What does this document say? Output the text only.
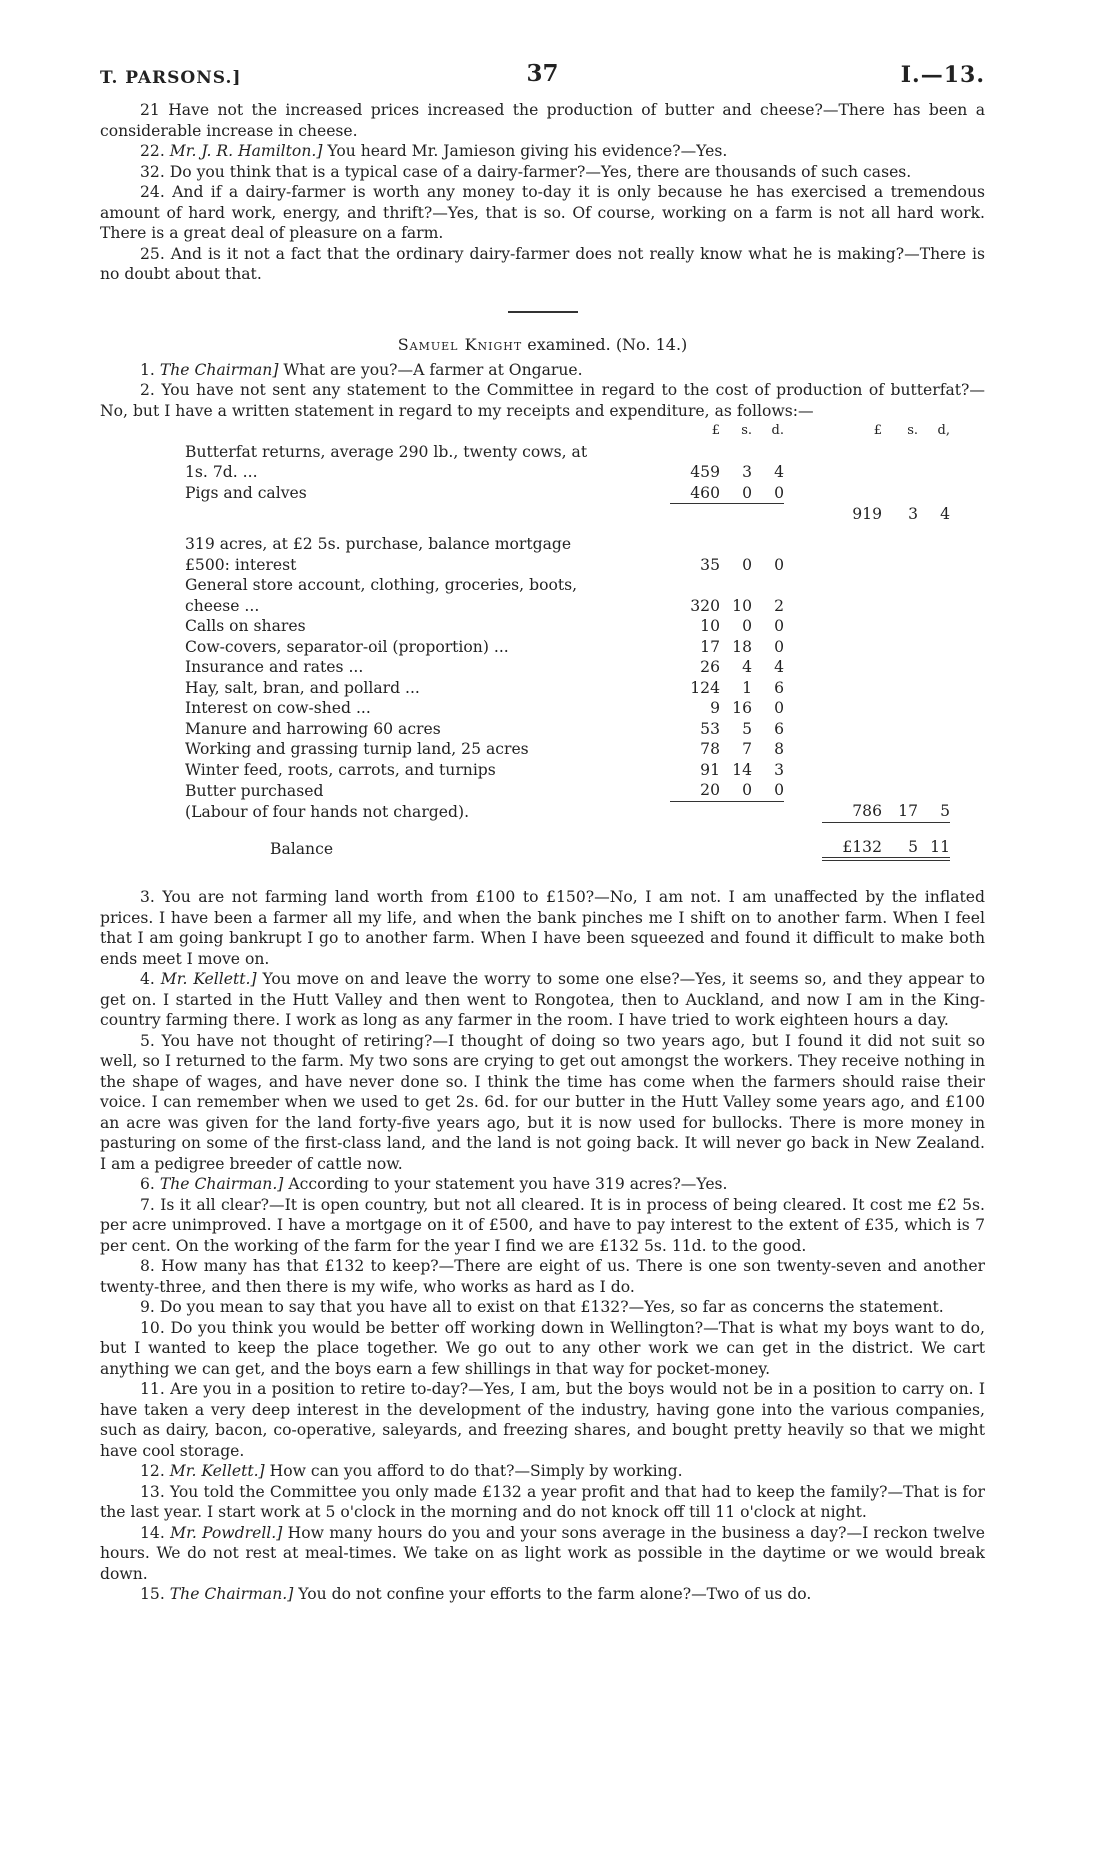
T. PARSONS.]	37	I.—13.

21 Have not the increased prices increased the production of butter and cheese?—There has been a considerable increase in cheese.

22. Mr. J. R. Hamilton.] You heard Mr. Jamieson giving his evidence?—Yes.

32. Do you think that is a typical case of a dairy-farmer?—Yes, there are thousands of such cases.

24. And if a dairy-farmer is worth any money to-day it is only because he has exercised a tremendous amount of hard work, energy, and thrift?—Yes, that is so. Of course, working on a farm is not all hard work. There is a great deal of pleasure on a farm.

25. And is it not a fact that the ordinary dairy-farmer does not really know what he is making?—There is no doubt about that.

Samuel Knight examined. (No. 14.)

1. The Chairman] What are you?—A farmer at Ongarue.

2. You have not sent any statement to the Committee in regard to the cost of production of butterfat?—No, but I have a written statement in regard to my receipts and expenditure, as follows:—

	£	s.	d.		£	s.	d,
Butterfat returns, average 290 lb., twenty cows, at							
1s. 7d. ...	459	3	4				
Pigs and calves	460	0	0				
					919	3	4

319 acres, at £2 5s. purchase, balance mortgage							
£500: interest	35	0	0				
General store account, clothing, groceries, boots,							
cheese ...	320	10	2				
Calls on shares	10	0	0				
Cow-covers, separator-oil (proportion) ...	17	18	0				
Insurance and rates ...	26	4	4				
Hay, salt, bran, and pollard ...	124	1	6				
Interest on cow-shed ...	9	16	0				
Manure and harrowing 60 acres	53	5	6				
Working and grassing turnip land, 25 acres	78	7	8				
Winter feed, roots, carrots, and turnips	91	14	3				
Butter purchased	20	0	0				
(Labour of four hands not charged).					786	17	5
Balance					£132	5	11

3. You are not farming land worth from £100 to £150?—No, I am not. I am unaffected by the inflated prices. I have been a farmer all my life, and when the bank pinches me I shift on to another farm. When I feel that I am going bankrupt I go to another farm. When I have been squeezed and found it difficult to make both ends meet I move on.

4. Mr. Kellett.] You move on and leave the worry to some one else?—Yes, it seems so, and they appear to get on. I started in the Hutt Valley and then went to Rongotea, then to Auckland, and now I am in the King-country farming there. I work as long as any farmer in the room. I have tried to work eighteen hours a day.

5. You have not thought of retiring?—I thought of doing so two years ago, but I found it did not suit so well, so I returned to the farm. My two sons are crying to get out amongst the workers. They receive nothing in the shape of wages, and have never done so. I think the time has come when the farmers should raise their voice. I can remember when we used to get 2s. 6d. for our butter in the Hutt Valley some years ago, and £100 an acre was given for the land forty-five years ago, but it is now used for bullocks. There is more money in pasturing on some of the first-class land, and the land is not going back. It will never go back in New Zealand. I am a pedigree breeder of cattle now.

6. The Chairman.] According to your statement you have 319 acres?—Yes.

7. Is it all clear?—It is open country, but not all cleared. It is in process of being cleared. It cost me £2 5s. per acre unimproved. I have a mortgage on it of £500, and have to pay interest to the extent of £35, which is 7 per cent. On the working of the farm for the year I find we are £132 5s. 11d. to the good.

8. How many has that £132 to keep?—There are eight of us. There is one son twenty-seven and another twenty-three, and then there is my wife, who works as hard as I do.

9. Do you mean to say that you have all to exist on that £132?—Yes, so far as concerns the statement.

10. Do you think you would be better off working down in Wellington?—That is what my boys want to do, but I wanted to keep the place together. We go out to any other work we can get in the district. We cart anything we can get, and the boys earn a few shillings in that way for pocket-money.

11. Are you in a position to retire to-day?—Yes, I am, but the boys would not be in a position to carry on. I have taken a very deep interest in the development of the industry, having gone into the various companies, such as dairy, bacon, co-operative, saleyards, and freezing shares, and bought pretty heavily so that we might have cool storage.

12. Mr. Kellett.] How can you afford to do that?—Simply by working.

13. You told the Committee you only made £132 a year profit and that had to keep the family?—That is for the last year. I start work at 5 o'clock in the morning and do not knock off till 11 o'clock at night.

14. Mr. Powdrell.] How many hours do you and your sons average in the business a day?—I reckon twelve hours. We do not rest at meal-times. We take on as light work as possible in the daytime or we would break down.

15. The Chairman.] You do not confine your efforts to the farm alone?—Two of us do.
